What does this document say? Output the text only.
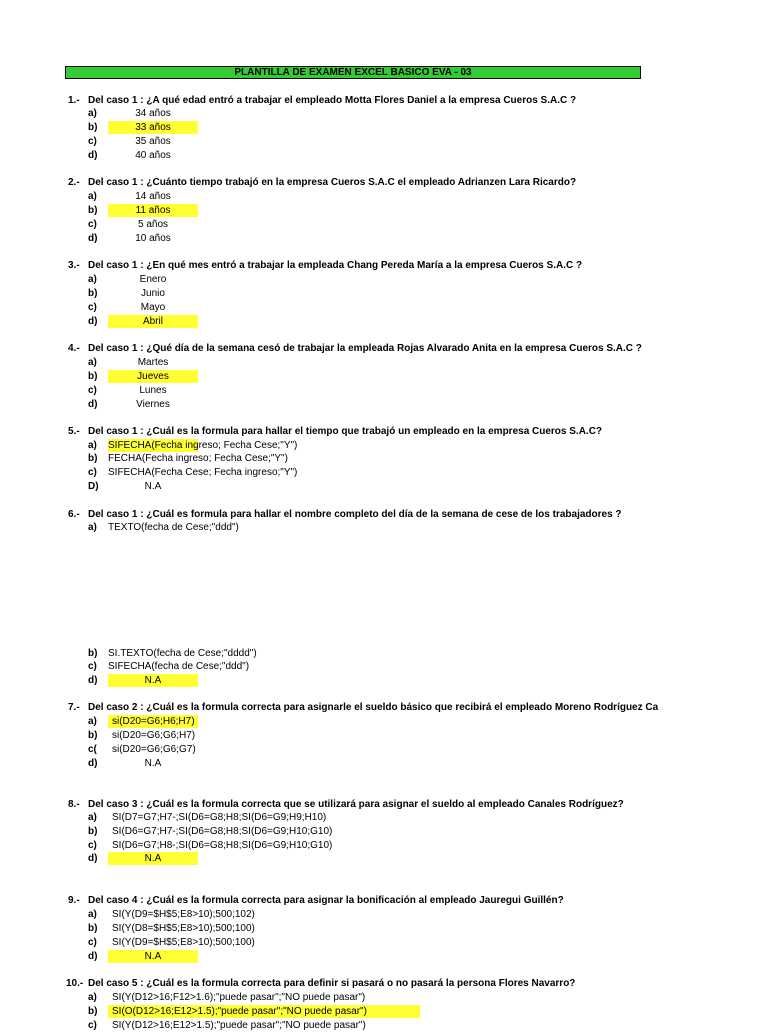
PLANTILLA DE EXÁMEN EXCEL BÁSICO EVA - 03
1.- Del caso 1 : ¿A qué edad entró a trabajar el empleado Motta Flores Daniel a la empresa Cueros S.A.C ?
a)	34 años
b)	33 años
c)	35 años
d)	40 años
2.- Del caso 1 : ¿Cuánto tiempo trabajó en la empresa Cueros S.A.C el empleado Adrianzen Lara Ricardo?
a)	14 años
b)	11 años
c)	5 años
d)	10 años
3.- Del caso 1 : ¿En qué mes entró a trabajar la empleada Chang Pereda María a la empresa Cueros S.A.C ?
a)	Enero
b)	Junio
c)	Mayo
d)	Abril
4.- Del caso 1 : ¿Qué día de la semana cesó de trabajar la empleada Rojas Alvarado Anita en la empresa Cueros S.A.C ?
a)	Martes
b)	Jueves
c)	Lunes
d)	Viernes
5.- Del caso 1 : ¿Cuál es la formula para hallar el tiempo que trabajó un empleado en la empresa Cueros S.A.C?
a) SIFECHA(Fecha ingreso; Fecha Cese;"Y")
b) FECHA(Fecha ingreso; Fecha Cese;"Y")
c) SIFECHA(Fecha Cese; Fecha ingreso;"Y")
D)	N.A
6.- Del caso 1 : ¿Cuál es formula para hallar el nombre completo del día de la semana de cese de los trabajadores ?
a) TEXTO(fecha de Cese;"ddd")
b) SI.TEXTO(fecha de Cese;"dddd")
c) SIFECHA(fecha de Cese;"ddd")
d)	N.A
7.- Del caso 2 : ¿Cuál es la formula correcta para asignarle el sueldo básico que recibirá el empleado Moreno Rodríguez Ca
a) si(D20=G6;H6;H7)
b) si(D20=G6;G6;H7)
c( si(D20=G6;G6;G7)
d)	N.A
8.- Del caso 3 : ¿Cuál es la formula correcta que se utilizará para asignar el sueldo al empleado Canales Rodríguez?
a) SI(D7=G7;H7-;SI(D6=G8;H8;SI(D6=G9;H9;H10)
b) SI(D6=G7;H7-;SI(D6=G8;H8;SI(D6=G9;H10;G10)
c) SI(D6=G7;H8-;SI(D6=G8;H8;SI(D6=G9;H10;G10)
d)	N.A
9.- Del caso 4 : ¿Cuál es la formula correcta para asignar la bonificación al empleado Jauregui Guillén?
a) SI(Y(D9=$H$5;E8>10);500;102)
b) SI(Y(D8=$H$5;E8>10);500;100)
c) SI(Y(D9=$H$5;E8>10);500;100)
d)	N.A
10.- Del caso 5 : ¿Cuál es la formula correcta para definir si pasará o no pasará la persona Flores Navarro?
a) SI(Y(D12>16;F12>1.6);"puede pasar";"NO puede pasar")
b) SI(O(D12>16;E12>1.5);"puede pasar";"NO puede pasar")
c) SI(Y(D12>16;E12>1.5);"puede pasar";"NO puede pasar")
